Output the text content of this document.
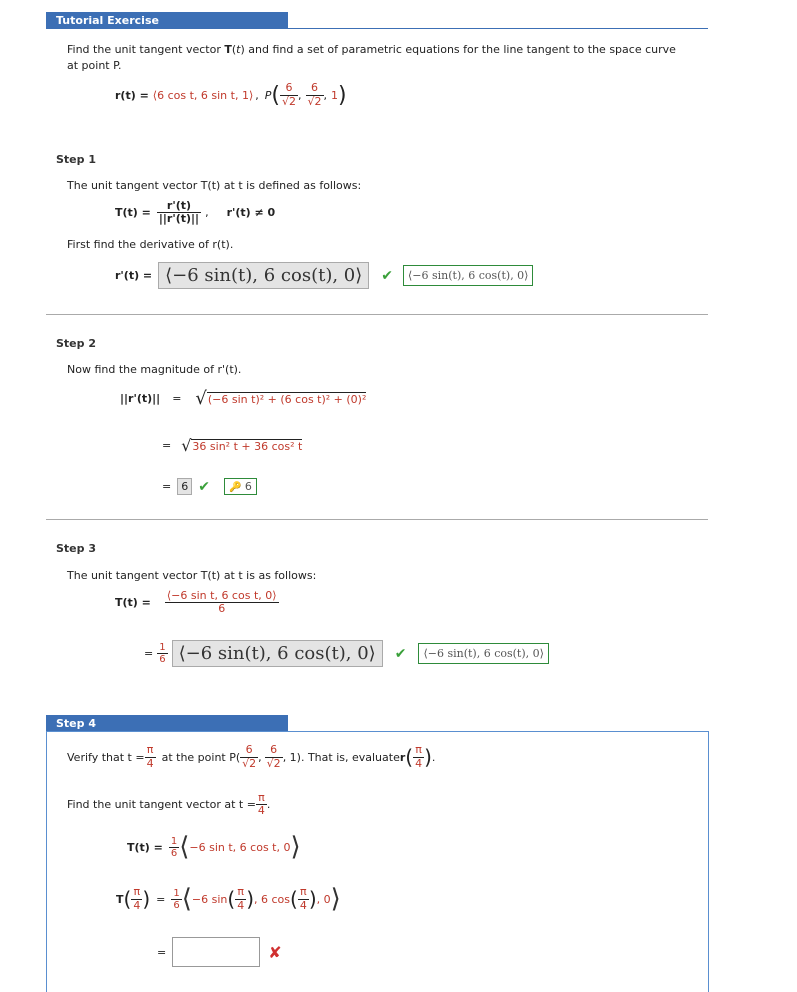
Tutorial Exercise
Find the unit tangent vector T(t) and find a set of parametric equations for the line tangent to the space curve
at point P.
r(t) = ⟨6 cos t, 6 sin t, 1⟩ , P ( $\frac{6}{√2}$ , $\frac{6}{√2}$ , 1 )
Step 1
The unit tangent vector T(t) at t is defined as follows:
$T(t) = \frac{r'(t)}{||r'(t)||}$ , r'(t) ≠ 0
First find the derivative of r(t).
r'(t) = ⟨−6 sin(t), 6 cos(t), 0⟩	✔	⟨−6 sin(t), 6 cos(t), 0⟩
Step 2
Now find the magnitude of r'(t).
||r'(t)|| = √ (−6 sin t)² + (6 cos t)² + (0)²
= √ 36 sin² t + 36 cos² t
= 6 ✔	🔑 6
Step 3
The unit tangent vector T(t) at t is as follows:
$T(t) = \frac{\text{⟨−6 sin t, 6 cos t, 0⟩}}{6}$
= $\frac{1}{6}$ ⟨−6 sin(t), 6 cos(t), 0⟩	✔	⟨−6 sin(t), 6 cos(t), 0⟩
Step 4
Verify that $t = \frac{\pi}{4}$ at the point $P( \frac{6}{√2}$ , $\frac{6}{√2}$ , 1). That is, evaluate r ( $\frac{\pi}{4}$ ) .
Find the unit tangent vector at $t = \frac{\pi}{4}$ .
$T(t) = \frac{1}{6}$ ⟨ −6 sin t, 6 cos t, 0 ⟩
T ( $\frac{\pi}{4}$ ) = $\frac{1}{6}$ ⟨ −6 sin ( $\frac{\pi}{4}$ ) , 6 cos ( $\frac{\pi}{4}$ ) , 0 ⟩
=	✘
